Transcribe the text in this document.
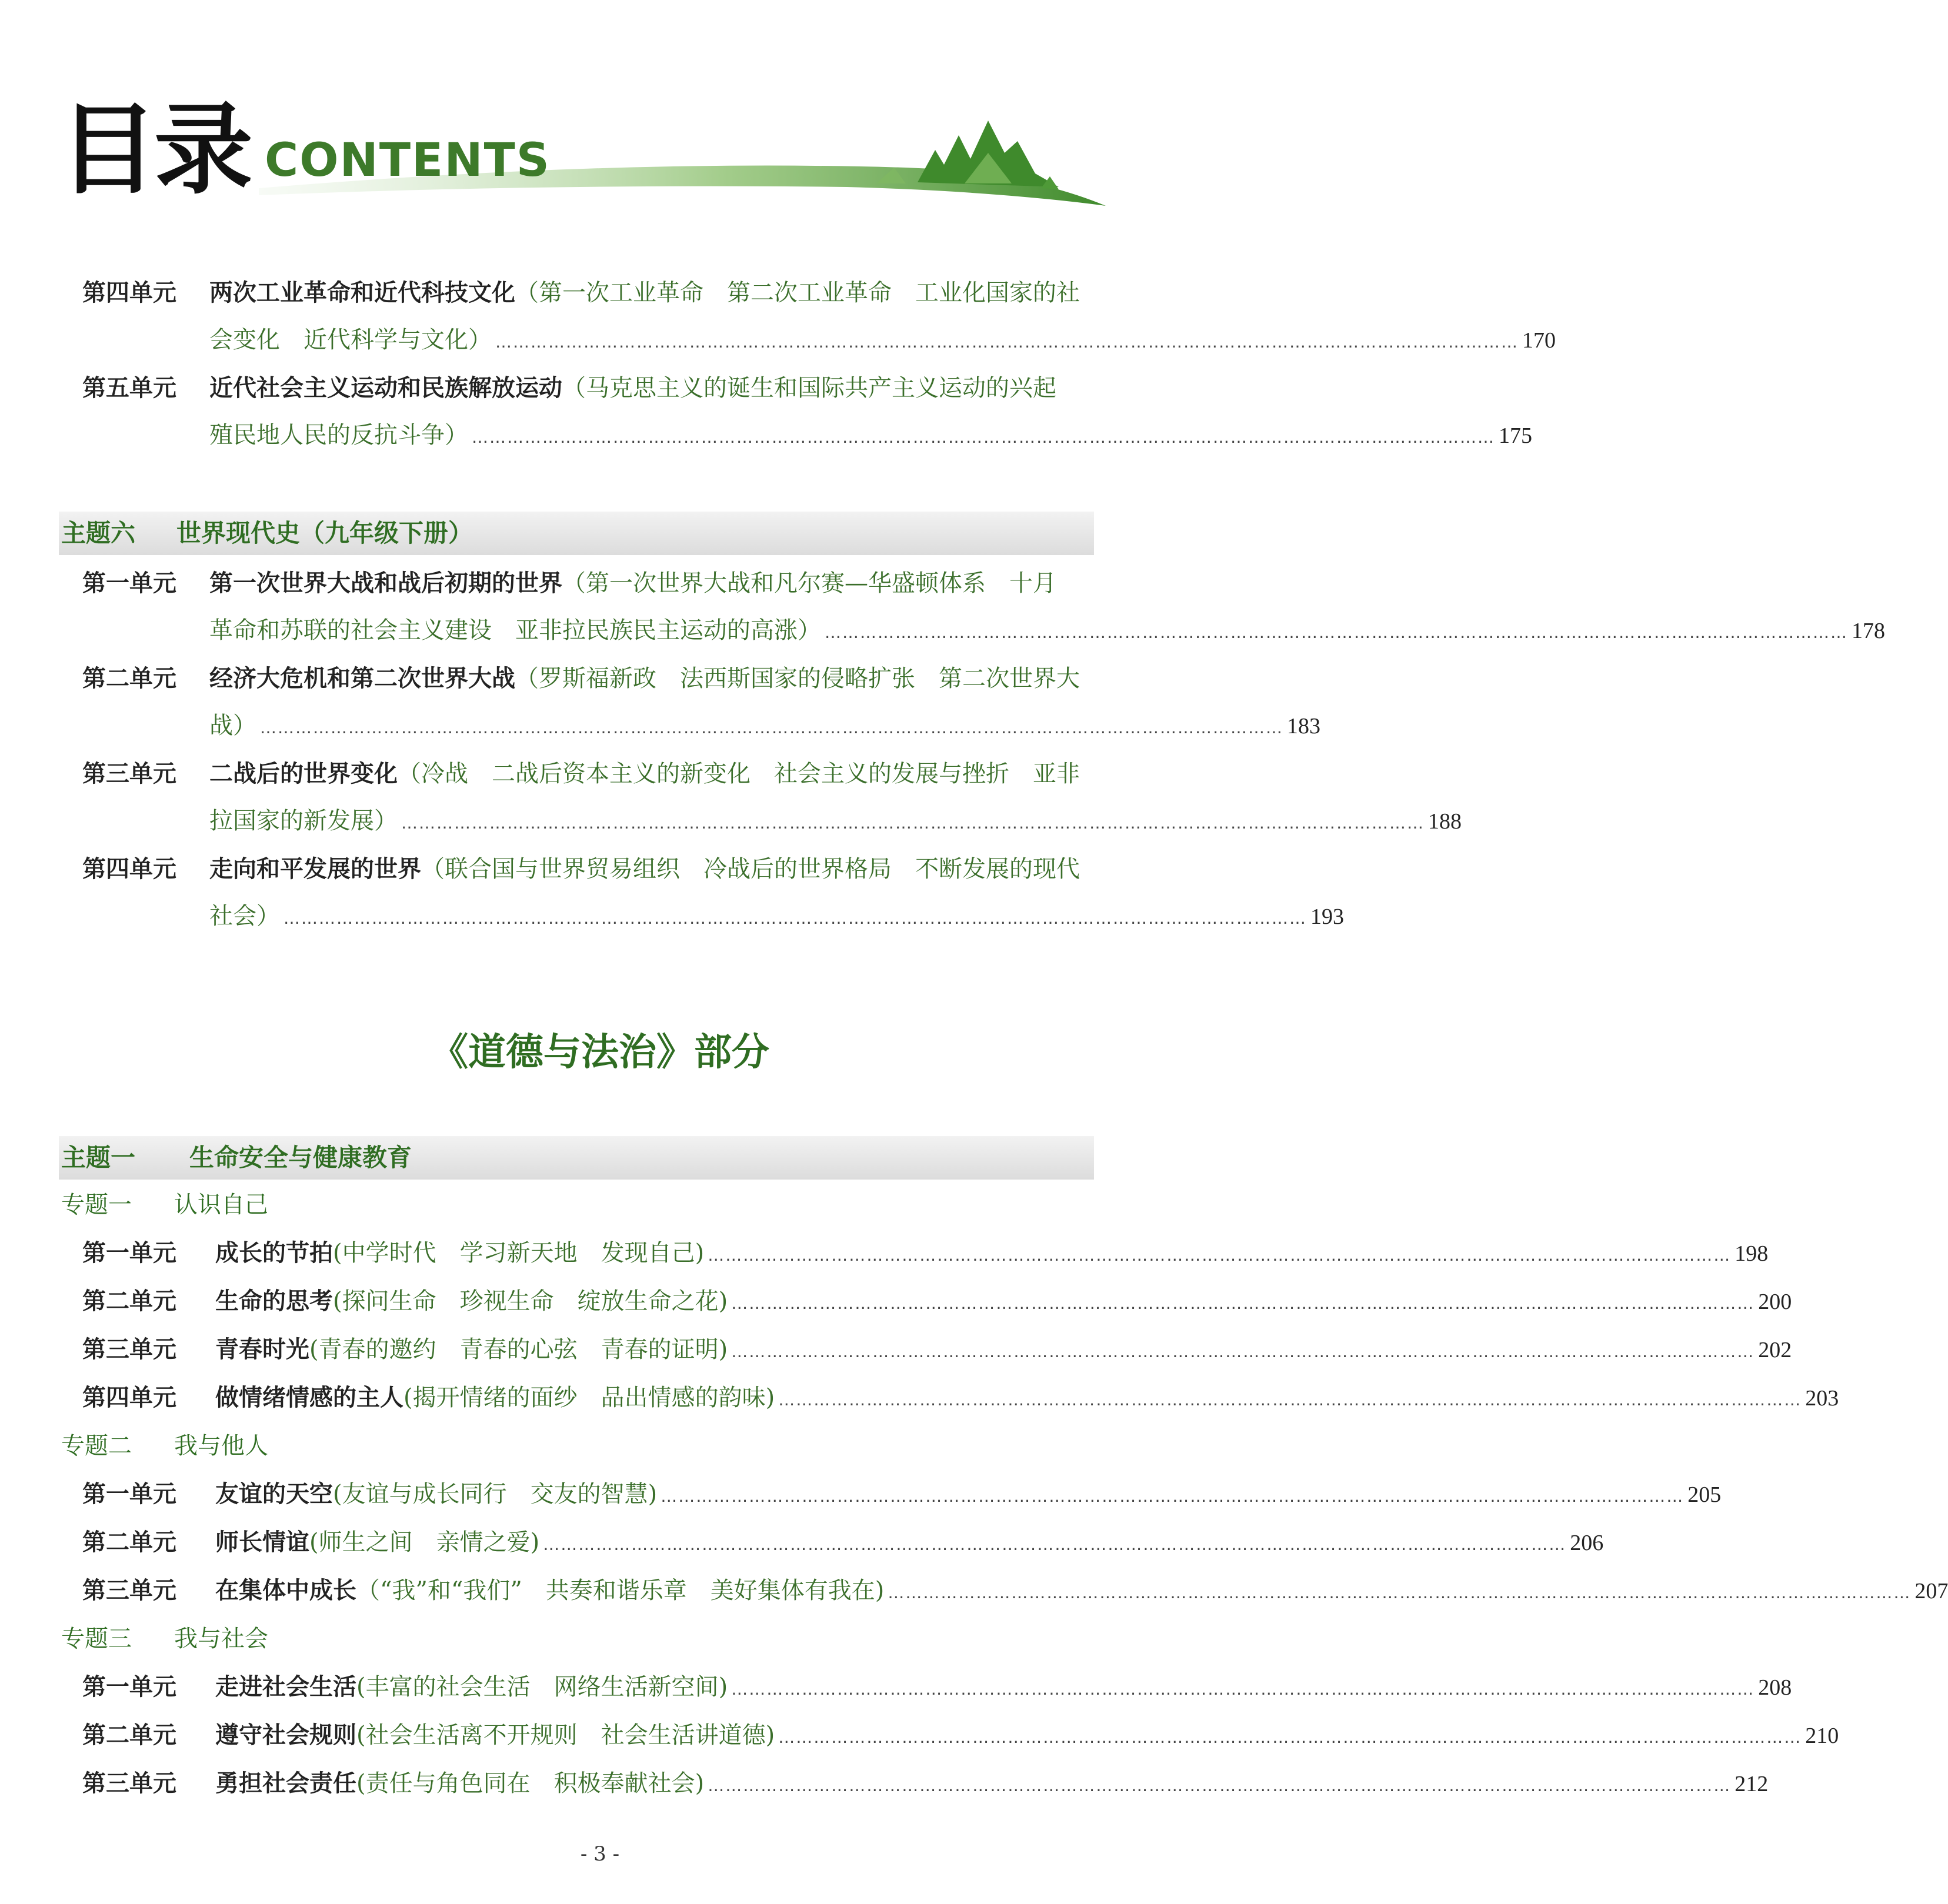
目录 CONTENTS
第四单元 两次工业革命和近代科技文化 （第一次工业革命　第二次工业革命　工业化国家的社
会变化　近代科学与文化） ………………………………………………………………………………………………………………………………………………………… 170
第五单元 近代社会主义运动和民族解放运动 （马克思主义的诞生和国际共产主义运动的兴起
殖民地人民的反抗斗争） ………………………………………………………………………………………………………………………………………………………… 175
主题六 世界现代史（九年级下册）
第一单元 第一次世界大战和战后初期的世界 （第一次世界大战和凡尔赛—华盛顿体系　十月
革命和苏联的社会主义建设　亚非拉民族民主运动的高涨） ………………………………………………………………………………………………………………………………………………………… 178
第二单元 经济大危机和第二次世界大战 （罗斯福新政　法西斯国家的侵略扩张　第二次世界大
战） ………………………………………………………………………………………………………………………………………………………… 183
第三单元 二战后的世界变化 （冷战　二战后资本主义的新变化　社会主义的发展与挫折　亚非
拉国家的新发展） ………………………………………………………………………………………………………………………………………………………… 188
第四单元 走向和平发展的世界 （联合国与世界贸易组织　冷战后的世界格局　不断发展的现代
社会） ………………………………………………………………………………………………………………………………………………………… 193
《道德与法治》部分
主题一 生命安全与健康教育
专题一 认识自己
第一单元 成长的节拍 (中学时代　学习新天地　发现自己) ………………………………………………………………………………………………………………………………………………………… 198
第二单元 生命的思考 (探问生命　珍视生命　绽放生命之花) ………………………………………………………………………………………………………………………………………………………… 200
第三单元 青春时光 (青春的邀约　青春的心弦　青春的证明) ………………………………………………………………………………………………………………………………………………………… 202
第四单元 做情绪情感的主人 (揭开情绪的面纱　品出情感的韵味) ………………………………………………………………………………………………………………………………………………………… 203
专题二 我与他人
第一单元 友谊的天空 (友谊与成长同行　交友的智慧) ………………………………………………………………………………………………………………………………………………………… 205
第二单元 师长情谊 (师生之间　亲情之爱) ………………………………………………………………………………………………………………………………………………………… 206
第三单元 在集体中成长 （“我”和“我们”　共奏和谐乐章　美好集体有我在) ………………………………………………………………………………………………………………………………………………………… 207
专题三 我与社会
第一单元 走进社会生活 (丰富的社会生活　网络生活新空间) ………………………………………………………………………………………………………………………………………………………… 208
第二单元 遵守社会规则 (社会生活离不开规则　社会生活讲道德) ………………………………………………………………………………………………………………………………………………………… 210
第三单元 勇担社会责任 (责任与角色同在　积极奉献社会) ………………………………………………………………………………………………………………………………………………………… 212
- 3 -
